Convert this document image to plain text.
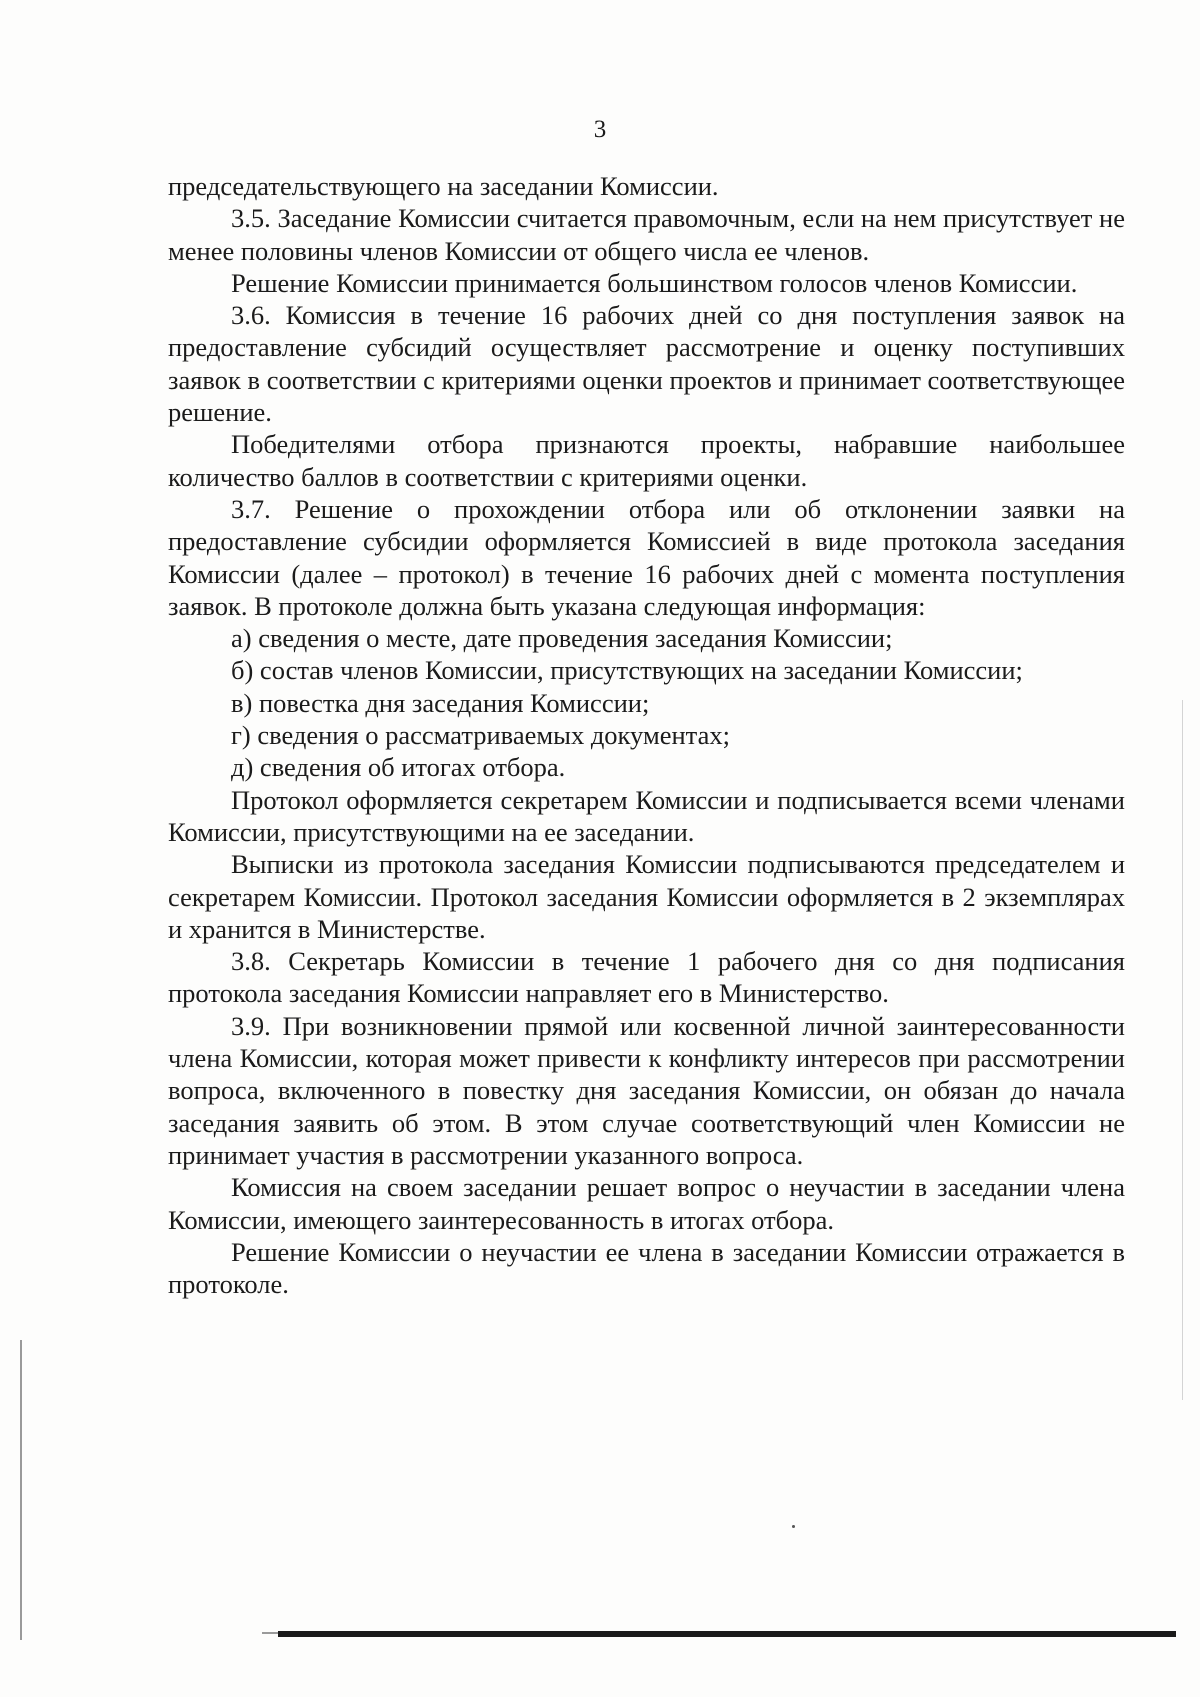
3

председательствующего на заседании Комиссии.

3.5. Заседание Комиссии считается правомочным, если на нем присутствует не менее половины членов Комиссии от общего числа ее членов.

Решение Комиссии принимается большинством голосов членов Комиссии.

3.6. Комиссия в течение 16 рабочих дней со дня поступления заявок на предоставление субсидий осуществляет рассмотрение и оценку поступивших заявок в соответствии с критериями оценки проектов и принимает соответствующее решение.

Победителями отбора признаются проекты, набравшие наибольшее количество баллов в соответствии с критериями оценки.

3.7. Решение о прохождении отбора или об отклонении заявки на предоставление субсидии оформляется Комиссией в виде протокола заседания Комиссии (далее – протокол) в течение 16 рабочих дней с момента поступления заявок. В протоколе должна быть указана следующая информация:

а) сведения о месте, дате проведения заседания Комиссии;

б) состав членов Комиссии, присутствующих на заседании Комиссии;

в) повестка дня заседания Комиссии;

г) сведения о рассматриваемых документах;

д) сведения об итогах отбора.

Протокол оформляется секретарем Комиссии и подписывается всеми членами Комиссии, присутствующими на ее заседании.

Выписки из протокола заседания Комиссии подписываются председателем и секретарем Комиссии. Протокол заседания Комиссии оформляется в 2 экземплярах и хранится в Министерстве.

3.8. Секретарь Комиссии в течение 1 рабочего дня со дня подписания протокола заседания Комиссии направляет его в Министерство.

3.9. При возникновении прямой или косвенной личной заинтересованности члена Комиссии, которая может привести к конфликту интересов при рассмотрении вопроса, включенного в повестку дня заседания Комиссии, он обязан до начала заседания заявить об этом. В этом случае соответствующий член Комиссии не принимает участия в рассмотрении указанного вопроса.

Комиссия на своем заседании решает вопрос о неучастии в заседании члена Комиссии, имеющего заинтересованность в итогах отбора.

Решение Комиссии о неучастии ее члена в заседании Комиссии отражается в протоколе.
